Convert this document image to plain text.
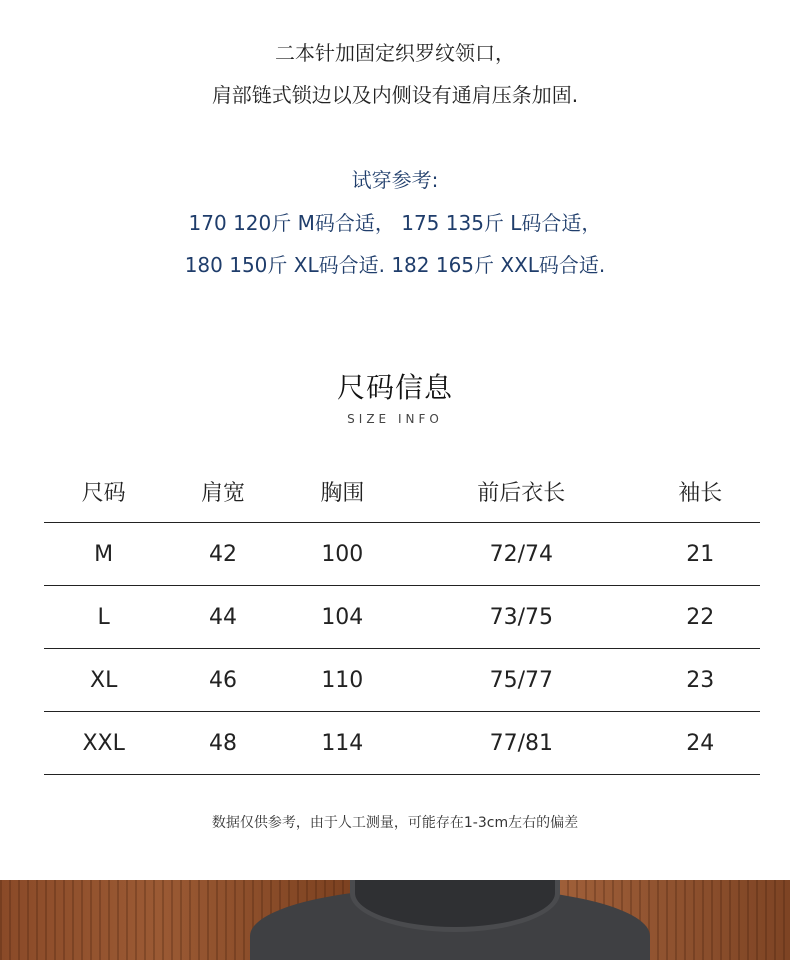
二本针加固定织罗纹领口，
肩部链式锁边以及内侧设有通肩压条加固.
试穿参考:
170 120斤 M码合适， 175 135斤 L码合适，
180 150斤 XL码合适. 182 165斤 XXL码合适.
尺码信息
SIZE INFO
尺码	肩宽	胸围	前后衣长	袖长
M	42	100	72/74	21
L	44	104	73/75	22
XL	46	110	75/77	23
XXL	48	114	77/81	24
数据仅供参考，由于人工测量，可能存在1-3cm左右的偏差
